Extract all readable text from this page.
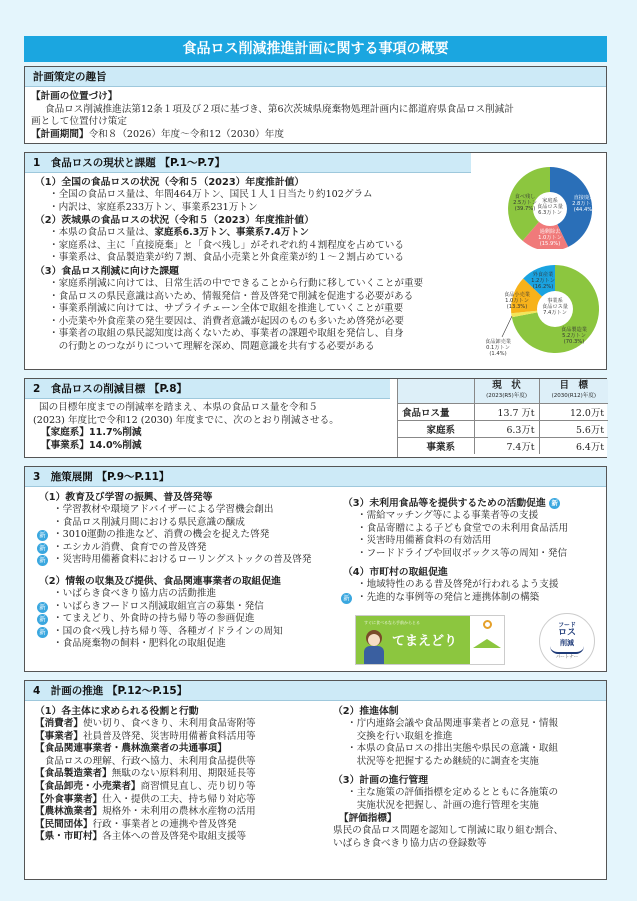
食品ロス削減推進計画に関する事項の概要
計画策定の趣旨
【計画の位置づけ】
食品ロス削減推進法第12条１項及び２項に基づき、第6次茨城県廃棄物処理計画内に都道府県食品ロス削減計
画として位置付け策定
【計画期間】令和８（2026）年度～令和12（2030）年度
1　食品ロスの現状と課題 【P.1～P.7】
（1）全国の食品ロスの状況（令和５（2023）年度推計値）
・全国の食品ロス量は、年間464万トン、国民１人１日当たり約102グラム
・内訳は、家庭系233万トン、事業系231万トン
（2）茨城県の食品ロスの状況（令和５（2023）年度推計値）
・本県の食品ロス量は、家庭系6.3万トン、事業系7.4万トン
・家庭系は、主に「直接廃棄」と「食べ残し」がそれぞれ約４割程度を占めている
・事業系は、食品製造業が約７割、食品小売業と外食産業が約１～２割占めている
（3）食品ロス削減に向けた課題
・家庭系削減に向けては、日常生活の中でできることから行動に移していくことが重要
・食品ロスの県民意識は高いため、情報発信・普及啓発で削減を促進する必要がある
・事業系削減に向けては、サプライチェーン全体で取組を推進していくことが重要
・小売業や外食産業の発生要因は、消費者意識が起因のものも多いため啓発が必要
・事業者の取組の県民認知度は高くないため、事業者の課題や取組を発信し、自身
　の行動とのつながりについて理解を深め、問題意識を共有する必要がある
家庭系
食品ロス量
6.3万トン
直接廃棄
2.8万トン
(44.4%)
過剰除去
1.0万トン
(15.9%)
食べ残し
2.5万トン
(39.7%)
事業系
食品ロス量
7.4万トン
外食産業
1.2万トン
(16.2%)
食品小売業
1.0万トン
(13.3%)
食品卸売業
0.1万トン
(1.4%)
食品製造業
5.2万トン
(70.3%)
2　食品ロスの削減目標 【P.8】
国の目標年度までの削減率を踏まえ、本県の食品ロス量を令和５
(2023) 年度比で令和12 (2030) 年度までに、次のとおり削減させる。
【家庭系】11.7%削減
【事業系】14.0%削減

現　状
(2023(R5)年度)

目　標
(2030(R12)年度)

食品ロス量	13.7 万t	12.0万t
家庭系	6.3万t	5.6万t
事業系	7.4万t	6.4万t
3　施策展開 【P.9～P.11】
（1）教育及び学習の振興、普及啓発等
・学習教材や環境アドバイザーによる学習機会創出
・食品ロス削減月間における県民意識の醸成
新 ・3010運動の推進など、消費の機会を捉えた啓発
新 ・エシカル消費、食育での普及啓発
新 ・災害時用備蓄食料におけるローリングストックの普及啓発
（2）情報の収集及び提供、食品関連事業者の取組促進
・いばらき食べきり協力店の活動推進
新 ・いばらきフードロス削減取組宣言の募集・発信
新 ・てまえどり、外食時の持ち帰り等の参画促進
新 ・国の食べ残し持ち帰り等、各種ガイドラインの周知
・食品廃棄物の飼料・肥料化の取組促進
（3）未利用食品等を提供するための活動促進 新
・需給マッチング等による事業者等の支援
・食品寄贈による子ども食堂での未利用食品活用
・災害時用備蓄食料の有効活用
・フードドライブや回収ボックス等の周知・発信
（4）市町村の取組促進
・地域特性のある普及啓発が行われるよう支援
新 ・先進的な事例等の発信と連携体制の構築
すぐに食べるなら手前からとる
てまえどり
フード
ロス
削減
パートナー
4　計画の推進 【P.12～P.15】
（1）各主体に求められる役割と行動
【消費者】使い切り、食べきり、未利用食品寄附等
【事業者】社員普及啓発、災害時用備蓄食料活用等
【食品関連事業者・農林漁業者の共通事項】
　食品ロスの理解、行政へ協力、未利用食品提供等
【食品製造業者】無駄のない原料利用、期限延長等
【食品卸売・小売業者】商習慣見直し、売り切り等
【外食事業者】仕入・提供の工夫、持ち帰り対応等
【農林漁業者】規格外・未利用の農林水産物の活用
【民間団体】行政・事業者との連携や普及啓発
【県・市町村】各主体への普及啓発や取組支援等
（2）推進体制
・庁内連絡会議や食品関連事業者との意見・情報
　交換を行い取組を推進
・本県の食品ロスの排出実態や県民の意識・取組
　状況等を把握するため継続的に調査を実施
（3）計画の進行管理
・主な施策の評価指標を定めるとともに各施策の
　実施状況を把握し、計画の進行管理を実施
【評価指標】
県民の食品ロス問題を認知して削減に取り組む割合、
いばらき食べきり協力店の登録数等
